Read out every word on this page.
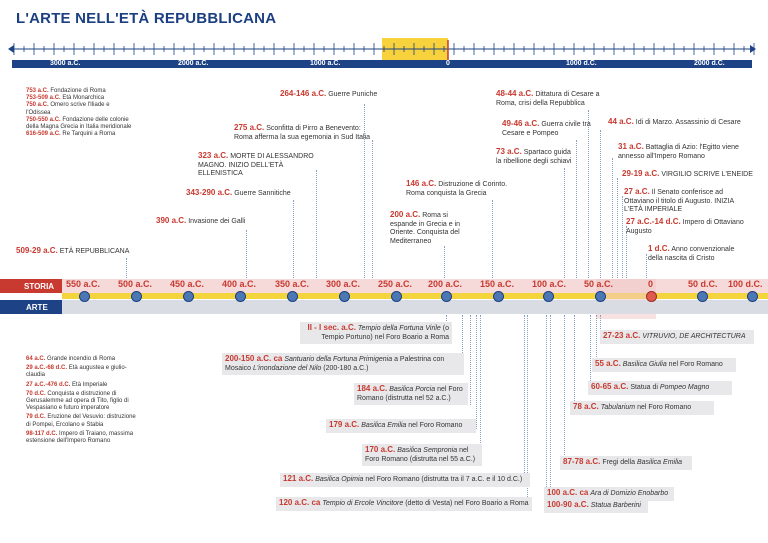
L'ARTE NELL'ETÀ REPUBBLICANA
3000 a.C.	2000 a.C.	1000 a.C.	0	1000 d.C.	2000 d.C.
753 a.C. Fondazione di Roma
753-509 a.C. Età Monarchica
750 a.C. Omero scrive l'Iliade e l'Odissea
750-550 a.C. Fondazione delle colonie della Magna Grecia in Italia meridionale
616-509 a.C. Re Tarquini a Roma
509-29 a.C. ETÀ REPUBBLICANA
390 a.C. Invasione dei Galli
343-290 a.C. Guerre Sannitiche
323 a.C. MORTE DI ALESSANDRO MAGNO. INIZIO DELL'ETÀ ELLENISTICA
275 a.C. Sconfitta di Pirro a Benevento: Roma afferma la sua egemonia in Sud Italia
264-146 a.C. Guerre Puniche
200 a.C. Roma si espande in Grecia e in Oriente. Conquista del Mediterraneo
146 a.C. Distruzione di Corinto. Roma conquista la Grecia
73 a.C. Spartaco guida la ribellione degli schiavi
49-46 a.C. Guerra civile tra Cesare e Pompeo
48-44 a.C. Dittatura di Cesare a Roma, crisi della Repubblica
44 a.C. Idi di Marzo. Assassinio di Cesare
31 a.C. Battaglia di Azio: l'Egitto viene annesso all'Impero Romano
29-19 a.C. VIRGILIO SCRIVE L'ENEIDE
27 a.C. Il Senato conferisce ad Ottaviano il titolo di Augusto. INIZIA L'ETÀ IMPERIALE
27 a.C.-14 d.C. Impero di Ottaviano Augusto
1 d.C. Anno convenzionale della nascita di Cristo
STORIA
ARTE
550 a.C. 500 a.C. 450 a.C. 400 a.C. 350 a.C. 300 a.C. 250 a.C. 200 a.C. 150 a.C. 100 a.C. 50 a.C.	0	50 d.C. 100 d.C.
64 a.C. Grande incendio di Roma
29 a.C.-68 d.C. Età augustea e giulio-claudia
27 a.C.-476 d.C. Età Imperiale
70 d.C. Conquista e distruzione di Gerusalemme ad opera di Tito, figlio di Vespasiano e futuro imperatore
79 d.C. Eruzione del Vesuvio: distruzione di Pompei, Ercolano e Stabia
98-117 d.C. Impero di Traiano, massima estensione dell'Impero Romano
II - I sec. a.C. Tempio della Fortuna Virile (o Tempio Portuno) nel Foro Boario a Roma
200-150 a.C. ca Santuario della Fortuna Primigenia a Palestrina con Mosaico L'inondazione del Nilo (200-180 a.C.)
184 a.C. Basilica Porcia nel Foro Romano (distrutta nel 52 a.C.)
179 a.C. Basilica Emilia nel Foro Romano
170 a.C. Basilica Sempronia nel Foro Romano (distrutta nel 55 a.C.)
121 a.C. Basilica Opimia nel Foro Romano (distrutta tra il 7 a.C. e il 10 d.C.)
120 a.C. ca Tempio di Ercole Vincitore (detto di Vesta) nel Foro Boario a Roma
100 a.C. ca Ara di Domizio Enobarbo
100-90 a.C. Statua Barberini
87-78 a.C. Fregi della Basilica Emilia
78 a.C. Tabularium nel Foro Romano
60-65 a.C. Statua di Pompeo Magno
55 a.C. Basilica Giulia nel Foro Romano
27-23 a.C. VITRUVIO, DE ARCHITECTURA
